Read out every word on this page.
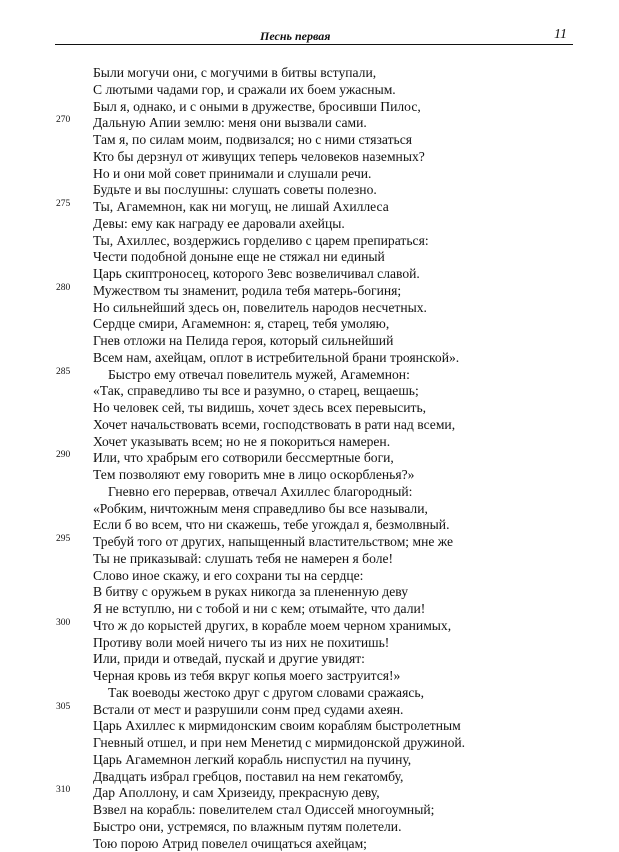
Песнь первая	11
Были могучи они, с могучими в битвы вступали,
С лютыми чадами гор, и сражали их боем ужасным.
Был я, однако, и с оными в дружестве, бросивши Пилос,
270 Дальную Апии землю: меня они вызвали сами.
Там я, по силам моим, подвизался; но с ними стязаться
Кто бы дерзнул от живущих теперь человеков наземных?
Но и они мой совет принимали и слушали речи.
Будьте и вы послушны: слушать советы полезно.
275 Ты, Агамемнон, как ни могущ, не лишай Ахиллеса
Девы: ему как награду ее даровали ахейцы.
Ты, Ахиллес, воздержись горделиво с царем препираться:
Чести подобной доныне еще не стяжал ни единый
Царь скиптроносец, которого Зевс возвеличивал славой.
280 Мужеством ты знаменит, родила тебя матерь-богиня;
Но сильнейший здесь он, повелитель народов несчетных.
Сердце смири, Агамемнон: я, старец, тебя умоляю,
Гнев отложи на Пелида героя, который сильнейший
Всем нам, ахейцам, оплот в истребительной брани троянской».
285	Быстро ему отвечал повелитель мужей, Агамемнон:
«Так, справедливо ты все и разумно, о старец, вещаешь;
Но человек сей, ты видишь, хочет здесь всех перевысить,
Хочет начальствовать всеми, господствовать в рати над всеми,
Хочет указывать всем; но не я покориться намерен.
290 Или, что храбрым его сотворили бессмертные боги,
Тем позволяют ему говорить мне в лицо оскорбленья?»
Гневно его перервав, отвечал Ахиллес благородный:
«Робким, ничтожным меня справедливо бы все называли,
Если б во всем, что ни скажешь, тебе угождал я, безмолвный.
295 Требуй того от других, напыщенный властительством; мне же
Ты не приказывай: слушать тебя не намерен я боле!
Слово иное скажу, и его сохрани ты на сердце:
В битву с оружьем в руках никогда за плененную деву
Я не вступлю, ни с тобой и ни с кем; отымайте, что дали!
300 Что ж до корыстей других, в корабле моем черном хранимых,
Противу воли моей ничего ты из них не похитишь!
Или, приди и отведай, пускай и другие увидят:
Черная кровь из тебя вкруг копья моего заструится!»
Так воеводы жестоко друг с другом словами сражаясь,
305 Встали от мест и разрушили сонм пред судами ахеян.
Царь Ахиллес к мирмидонским своим кораблям быстролетным
Гневный отшел, и при нем Менетид с мирмидонской дружиной.
Царь Агамемнон легкий корабль ниспустил на пучину,
Двадцать избрал гребцов, поставил на нем гекатомбу,
310 Дар Аполлону, и сам Хризеиду, прекрасную деву,
Взвел на корабль: повелителем стал Одиссей многоумный;
Быстро они, устремяся, по влажным путям полетели.
Тою порою Атрид повелел очищаться ахейцам;
